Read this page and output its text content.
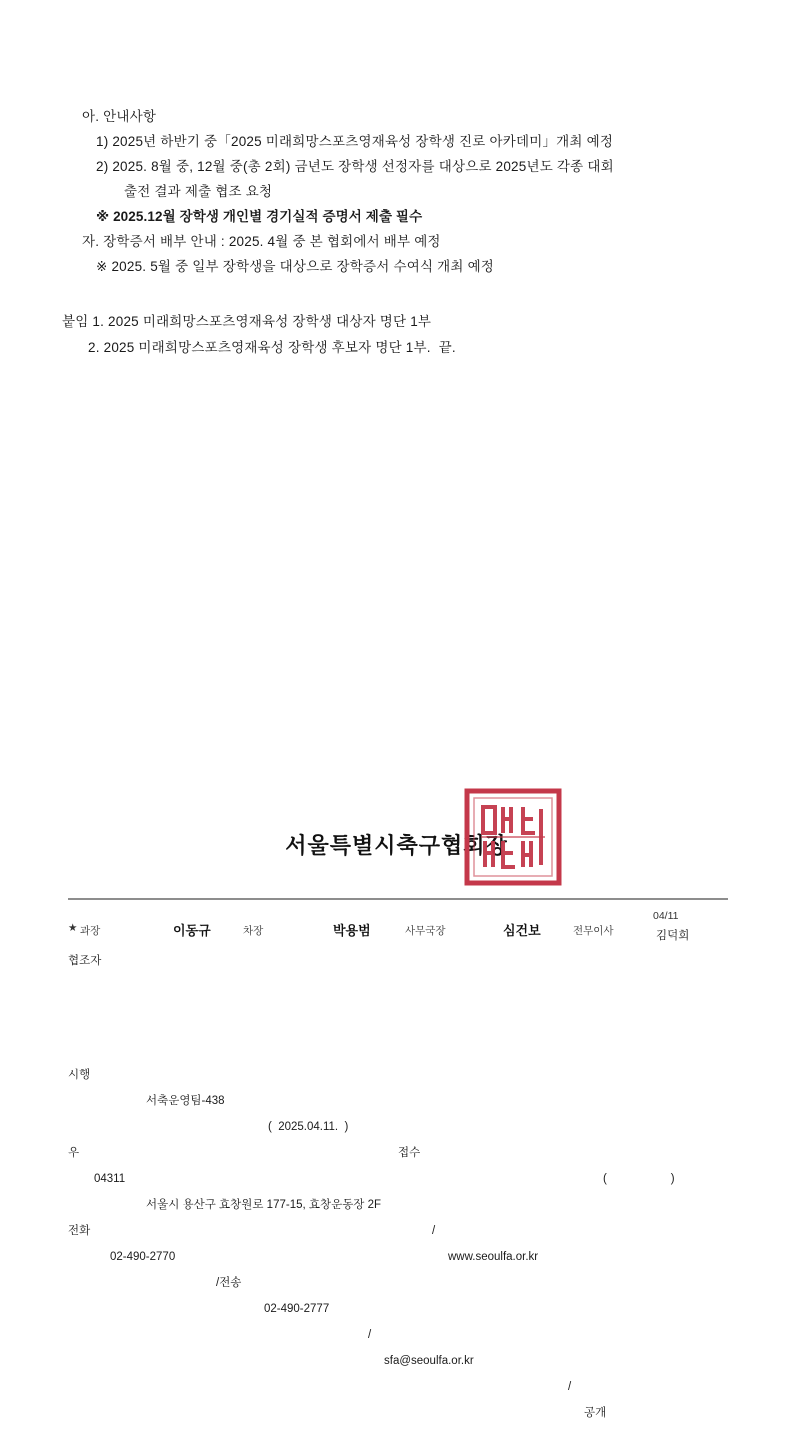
아. 안내사항
1) 2025년 하반기 중「2025 미래희망스포츠영재육성 장학생 진로 아카데미」개최 예정
2) 2025. 8월 중, 12월 중(총 2회) 금년도 장학생 선정자를 대상으로 2025년도 각종 대회
출전 결과 제출 협조 요청
※ 2025.12월 장학생 개인별 경기실적 증명서 제출 필수
자. 장학증서 배부 안내 : 2025. 4월 중 본 협회에서 배부 예정
※ 2025. 5월 중 일부 장학생을 대상으로 장학증서 수여식 개최 예정
붙임 1. 2025 미래희망스포츠영재육성 장학생 대상자 명단 1부
2. 2025 미래희망스포츠영재육성 장학생 후보자 명단 1부.  끝.
서울특별시축구협회장
★ 과장	이동규	차장	박용범	사무국장	심건보	전무이사
04/11
김덕희
협조자

시행

서축운영팀-438

(  2025.04.11.  )

접수

(                    )

우

04311

서울시 용산구 효창원로 177-15, 효창운동장 2F

/

www.seoulfa.or.kr

전화

02-490-2770

/전송

02-490-2777

/

sfa@seoulfa.or.kr

/

공개
